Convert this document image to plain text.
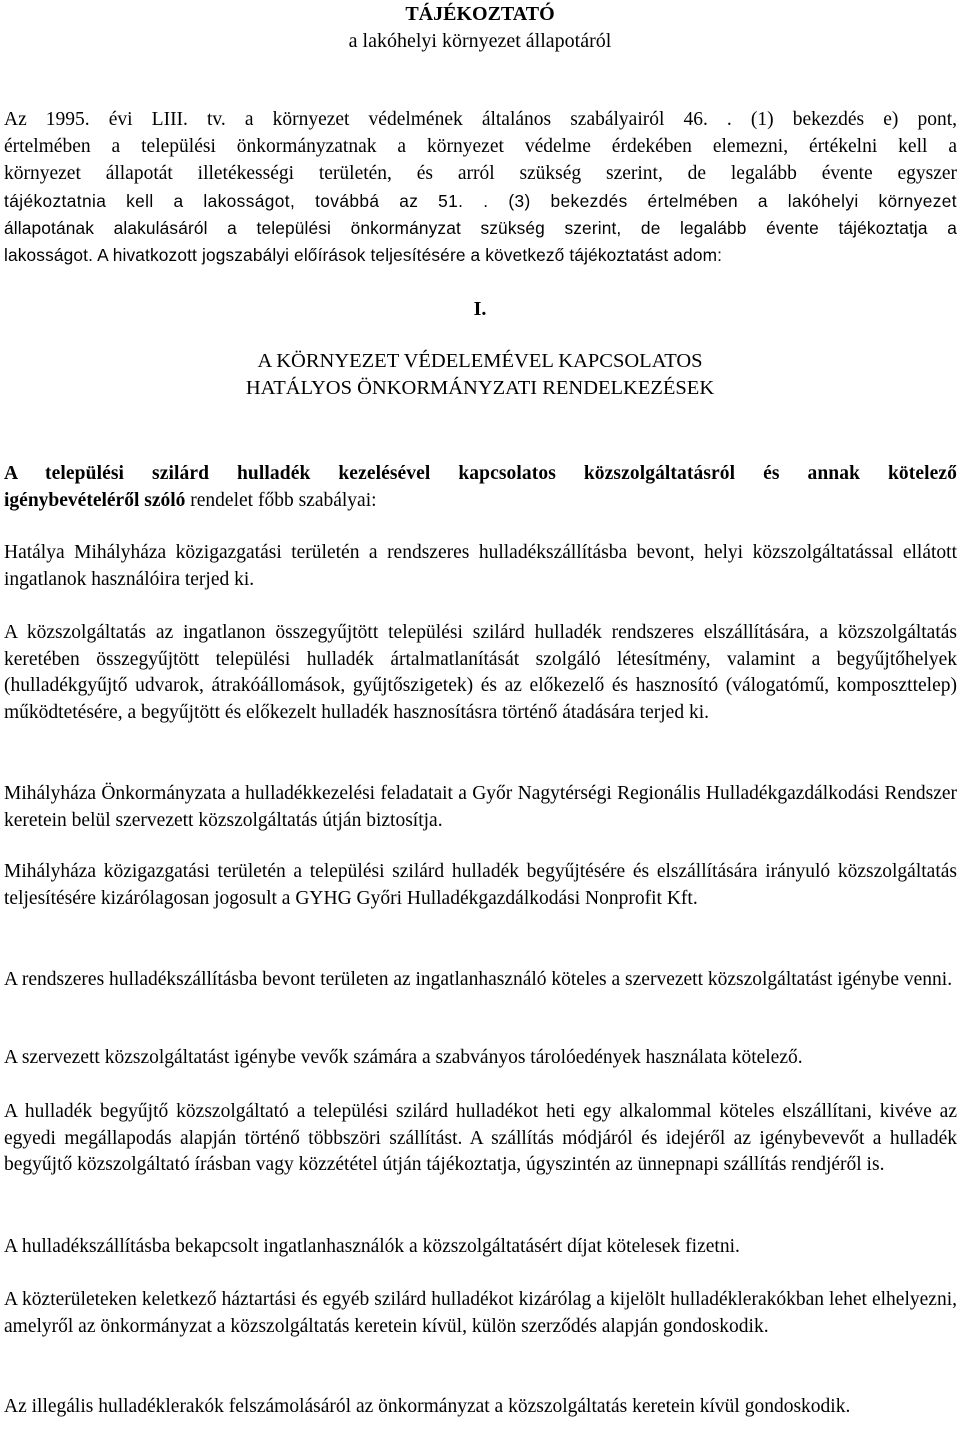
TÁJÉKOZTATÓ
a lakóhelyi környezet állapotáról
Az 1995. évi LIII. tv. a környezet védelmének általános szabályairól 46. . (1) bekezdés e) pont,
értelmében a települési önkormányzatnak a környezet védelme érdekében elemezni, értékelni kell a
környezet állapotát illetékességi területén, és arról szükség szerint, de legalább évente egyszer
tájékoztatnia kell a lakosságot, továbbá az 51. . (3) bekezdés értelmében a lakóhelyi környezet
állapotának alakulásáról a települési önkormányzat szükség szerint, de legalább évente tájékoztatja a
lakosságot. A hivatkozott jogszabályi előírások teljesítésére a következő tájékoztatást adom:
I.
A KÖRNYEZET VÉDELEMÉVEL KAPCSOLATOS
HATÁLYOS ÖNKORMÁNYZATI RENDELKEZÉSEK
A települési szilárd hulladék kezelésével kapcsolatos közszolgáltatásról és annak kötelező
igénybevételéről szóló rendelet főbb szabályai:
Hatálya Mihályháza közigazgatási területén a rendszeres hulladékszállításba bevont, helyi közszolgáltatással ellátott ingatlanok használóira terjed ki.
A közszolgáltatás az ingatlanon összegyűjtött települési szilárd hulladék rendszeres elszállítására, a közszolgáltatás keretében összegyűjtött települési hulladék ártalmatlanítását szolgáló létesítmény, valamint a begyűjtőhelyek (hulladékgyűjtő udvarok, átrakóállomások, gyűjtőszigetek) és az előkezelő és hasznosító (válogatómű, komposzttelep) működtetésére, a begyűjtött és előkezelt hulladék hasznosításra történő átadására terjed ki.
Mihályháza Önkormányzata a hulladékkezelési feladatait a Győr Nagytérségi Regionális Hulladékgazdálkodási Rendszer keretein belül szervezett közszolgáltatás útján biztosítja.
Mihályháza közigazgatási területén a települési szilárd hulladék begyűjtésére és elszállítására irányuló közszolgáltatás teljesítésére kizárólagosan jogosult a GYHG Győri Hulladékgazdálkodási Nonprofit Kft.
A rendszeres hulladékszállításba bevont területen az ingatlanhasználó köteles a szervezett közszolgáltatást igénybe venni.
A szervezett közszolgáltatást igénybe vevők számára a szabványos tárolóedények használata kötelező.
A hulladék begyűjtő közszolgáltató a települési szilárd hulladékot heti egy alkalommal köteles elszállítani, kivéve az egyedi megállapodás alapján történő többszöri szállítást. A szállítás módjáról és idejéről az igénybevevőt a hulladék begyűjtő közszolgáltató írásban vagy közzététel útján tájékoztatja, úgyszintén az ünnepnapi szállítás rendjéről is.
A hulladékszállításba bekapcsolt ingatlanhasználók a közszolgáltatásért díjat kötelesek fizetni.
A közterületeken keletkező háztartási és egyéb szilárd hulladékot kizárólag a kijelölt hulladéklerakókban lehet elhelyezni, amelyről az önkormányzat a közszolgáltatás keretein kívül, külön szerződés alapján gondoskodik.
Az illegális hulladéklerakók felszámolásáról az önkormányzat a közszolgáltatás keretein kívül gondoskodik.
